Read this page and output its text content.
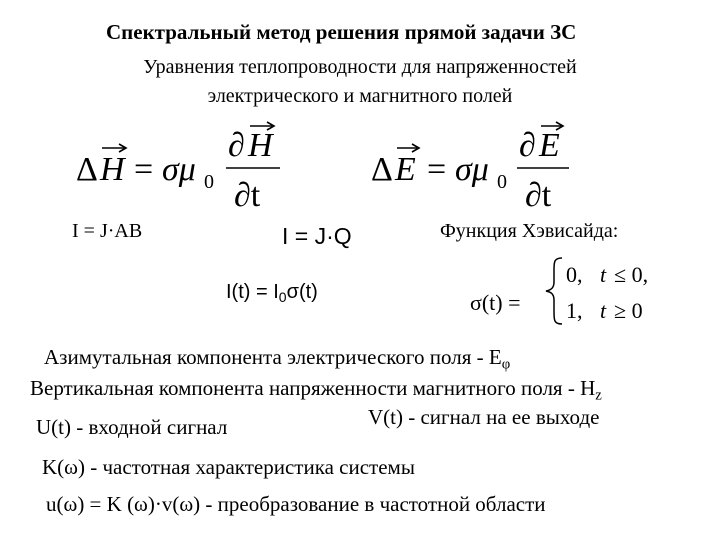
Спектральный метод решения прямой задачи ЗС
Уравнения теплопроводности для напряженностей
электрического и магнитного полей
Δ H = σμ 0
∂ H
∂t
Δ E = σμ 0
∂ E
∂t
I = J·AB	I = J·Q	Функция Хэвисайда:
$I(t) = I_0\sigma(t)$	σ(t) =
0, t ≤ 0,
1, t ≥ 0
Азимутальная компонента электрического поля - $E_\varphi$
Вертикальная компонента напряженности магнитного поля - $H_z$
U(t) - входной сигнал	V(t) - сигнал на ее выходе
K(ω) - частотная характеристика системы
u(ω) = K (ω)·v(ω) - преобразование в частотной области
